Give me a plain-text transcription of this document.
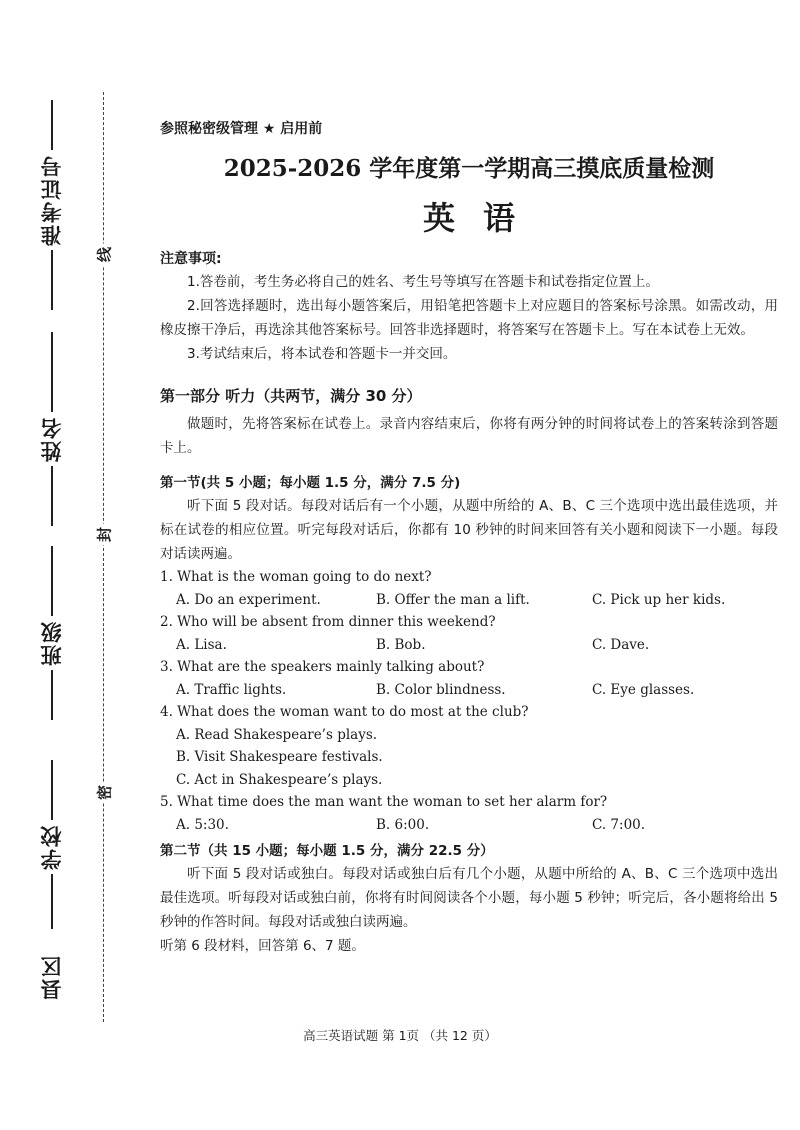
准考证号
姓名
班级
学校
县区
线
封
密

参照秘密级管理 ★ 启用前

2025-2026 学年度第一学期高三摸底质量检测
英语

注意事项:

1.答卷前，考生务必将自己的姓名、考生号等填写在答题卡和试卷指定位置上。

2.回答选择题时，选出每小题答案后，用铅笔把答题卡上对应题目的答案标号涂黑。如需改动，用橡皮擦干净后，再选涂其他答案标号。回答非选择题时，将答案写在答题卡上。写在本试卷上无效。

3.考试结束后，将本试卷和答题卡一并交回。

第一部分 听力（共两节，满分 30 分）

做题时，先将答案标在试卷上。录音内容结束后，你将有两分钟的时间将试卷上的答案转涂到答题卡上。

第一节(共 5 小题；每小题 1.5 分，满分 7.5 分)

听下面 5 段对话。每段对话后有一个小题，从题中所给的 A、B、C 三个选项中选出最佳选项，并标在试卷的相应位置。听完每段对话后，你都有 10 秒钟的时间来回答有关小题和阅读下一小题。每段对话读两遍。

1. What is the woman going to do next?

A. Do an experiment.	B. Offer the man a lift.	C. Pick up her kids.

2. Who will be absent from dinner this weekend?

A. Lisa.	B. Bob.	C. Dave.

3. What are the speakers mainly talking about?

A. Traffic lights.	B. Color blindness.	C. Eye glasses.

4. What does the woman want to do most at the club?

A. Read Shakespeare’s plays.
B. Visit Shakespeare festivals.
C. Act in Shakespeare’s plays.

5. What time does the man want the woman to set her alarm for?

A. 5:30.	B. 6:00.	C. 7:00.

第二节（共 15 小题；每小题 1.5 分，满分 22.5 分）

听下面 5 段对话或独白。每段对话或独白后有几个小题，从题中所给的 A、B、C 三个选项中选出最佳选项。听每段对话或独白前，你将有时间阅读各个小题，每小题 5 秒钟；听完后，各小题将给出 5 秒钟的作答时间。每段对话或独白读两遍。

听第 6 段材料，回答第 6、7 题。

高三英语试题 第 1页 （共 12 页）
